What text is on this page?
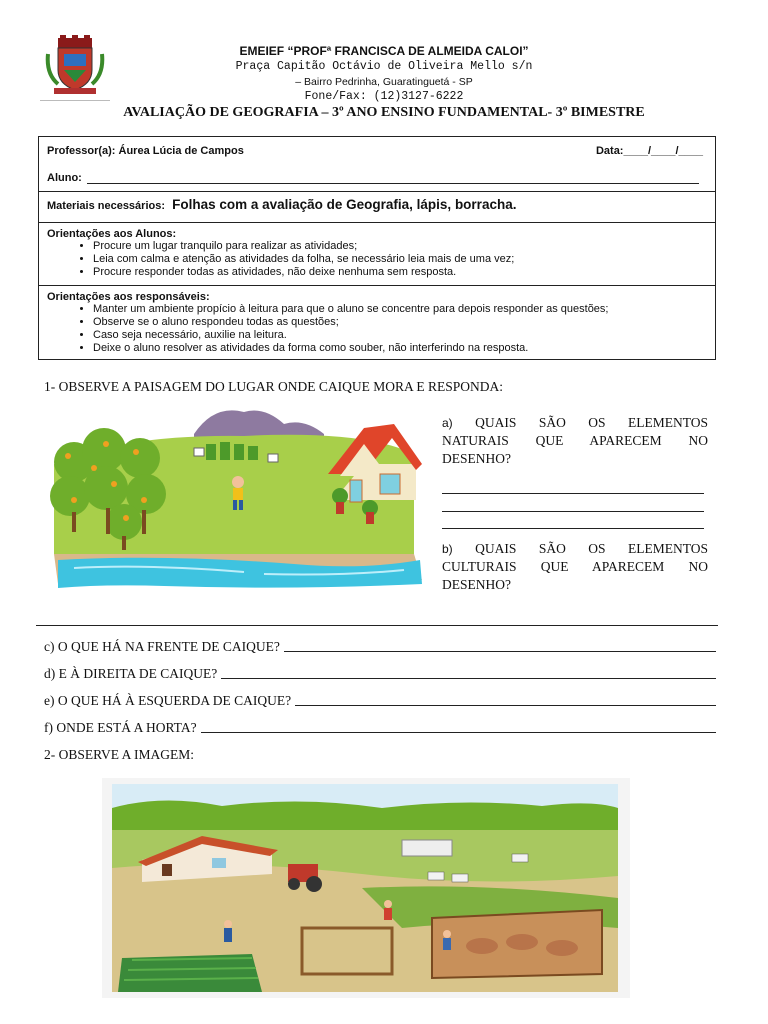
EMEIEF “PROFª FRANCISCA DE ALMEIDA CALOI”
Praça Capitão Octávio de Oliveira Mello s/n
– Bairro Pedrinha, Guaratinguetá - SP
Fone/Fax: (12)3127-6222
AVALIAÇÃO DE GEOGRAFIA – 3º ANO ENSINO FUNDAMENTAL- 3º BIMESTRE
Professor(a): Áurea Lúcia de Campos	Data:____/____/____
Aluno:

Materiais necessários: Folhas com a avaliação de Geografia, lápis, borracha.

Orientações aos Alunos:
• Procure um lugar tranquilo para realizar as atividades;
• Leia com calma e atenção as atividades da folha, se necessário leia mais de uma vez;
• Procure responder todas as atividades, não deixe nenhuma sem resposta.

Orientações aos responsáveis:
• Manter um ambiente propício à leitura para que o aluno se concentre para depois responder as questões;
• Observe se o aluno respondeu todas as questões;
• Caso seja necessário, auxilie na leitura.
• Deixe o aluno resolver as atividades da forma como souber, não interferindo na resposta.
1- OBSERVE A PAISAGEM DO LUGAR ONDE CAIQUE MORA E RESPONDA:
a) QUAIS SÃO OS ELEMENTOS NATURAIS QUE APARECEM NO DESENHO?
b) QUAIS SÃO OS ELEMENTOS CULTURAIS QUE APARECEM NO DESENHO?
c) O QUE HÁ NA FRENTE DE CAIQUE?
d) E À DIREITA DE CAIQUE?
e) O QUE HÁ À ESQUERDA DE CAIQUE?
f) ONDE ESTÁ A HORTA?
2- OBSERVE A IMAGEM:
